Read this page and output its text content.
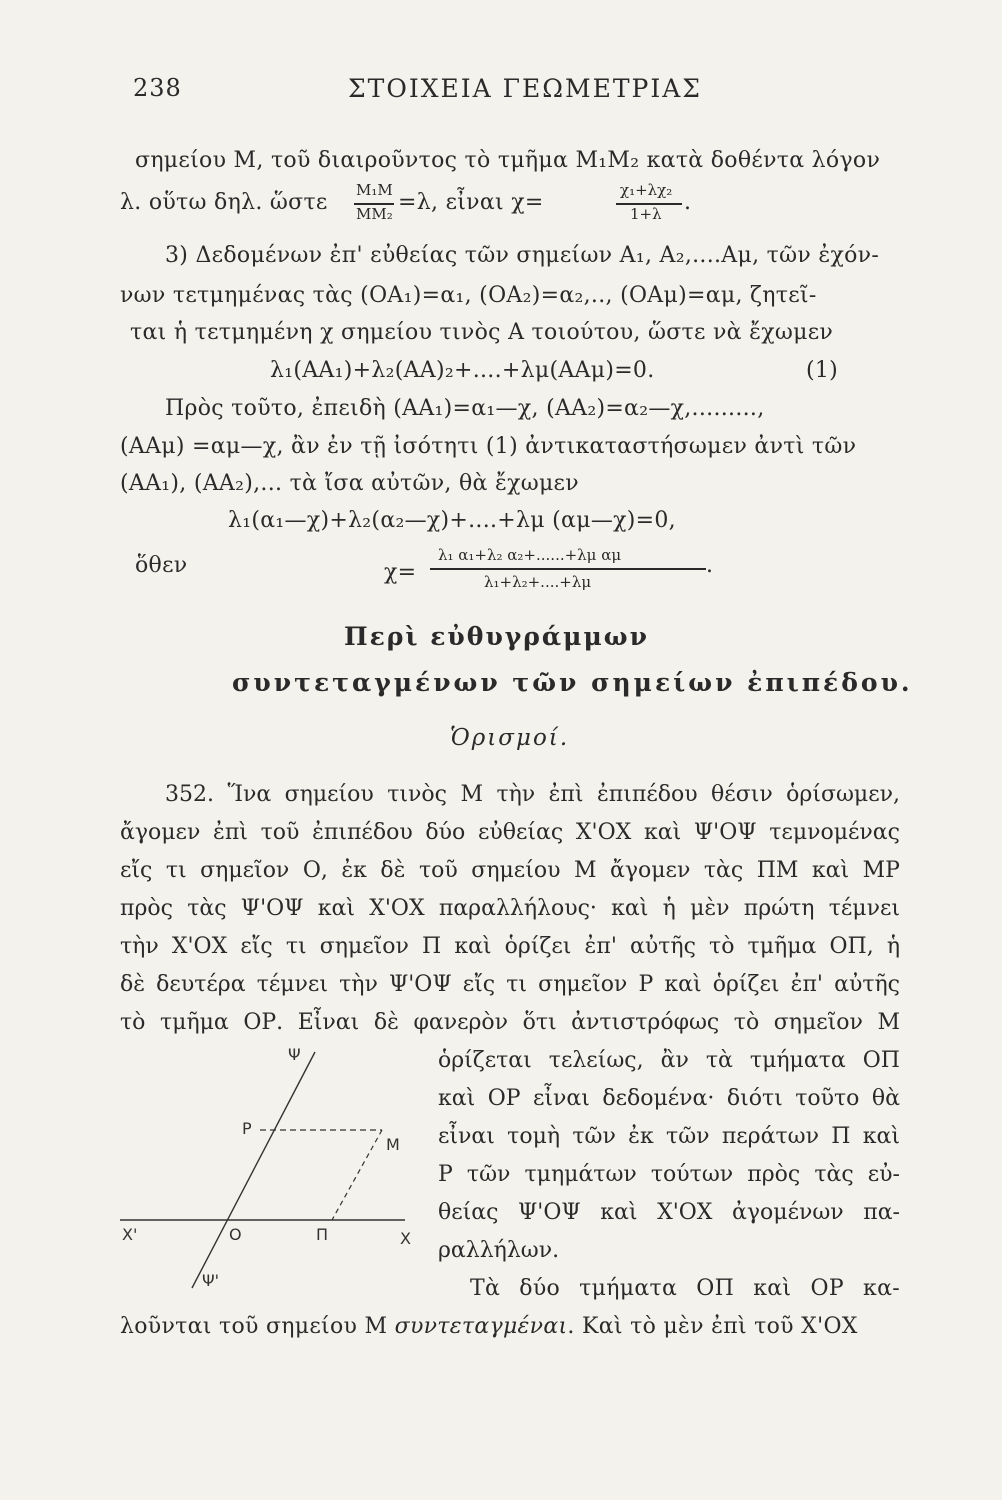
238	ΣΤΟΙΧΕΙΑ ΓΕΩΜΕΤΡΙΑΣ
σημείου Μ, τοῦ διαιροῦντος τὸ τμῆμα Μ₁Μ₂ κατὰ δοθέντα λόγον
λ. οὕτω δηλ. ὥστε Μ₁Μ
ΜΜ₂ =λ, εἶναι χ=	χ₁+λχ₂
1+λ .
3) Δεδομένων ἐπ' εὐθείας τῶν σημείων Α₁, Α₂,....Αμ, τῶν ἐχόν-
νων τετμημένας τὰς (ΟΑ₁)=α₁, (ΟΑ₂)=α₂,.., (ΟΑμ)=αμ, ζητεῖ-
ται ἡ τετμημένη χ σημείου τινὸς Α τοιούτου, ὥστε νὰ ἔχωμεν
λ₁(ΑΑ₁)+λ₂(ΑΑ)₂+....+λμ(ΑΑμ)=0.	(1)
Πρὸς τοῦτο, ἐπειδὴ (ΑΑ₁)=α₁—χ, (ΑΑ₂)=α₂—χ,.........,
(ΑΑμ) =αμ—χ, ἂν ἐν τῇ ἰσότητι (1) ἀντικαταστήσωμεν ἀντὶ τῶν
(ΑΑ₁), (ΑΑ₂),... τὰ ἴσα αὐτῶν, θὰ ἔχωμεν
λ₁(α₁—χ)+λ₂(α₂—χ)+....+λμ (αμ—χ)=0,
ὅθεν	χ=
λ₁ α₁+λ₂ α₂+......+λμ αμ
λ₁+λ₂+....+λμ
.
Περὶ εὐθυγράμμων
συντεταγμένων τῶν σημείων ἐπιπέδου.
Ὁρισμοί.
352. Ἵνα σημείου τινὸς Μ τὴν ἐπὶ ἐπιπέδου θέσιν ὁρίσωμεν,
ἄγομεν ἐπὶ τοῦ ἐπιπέδου δύο εὐθείας Χ'ΟΧ καὶ Ψ'ΟΨ τεμνομένας
εἴς τι σημεῖον Ο, ἐκ δὲ τοῦ σημείου Μ ἄγομεν τὰς ΠΜ καὶ ΜΡ
πρὸς τὰς Ψ'ΟΨ καὶ Χ'ΟΧ παραλλήλους· καὶ ἡ μὲν πρώτη τέμνει
τὴν Χ'ΟΧ εἴς τι σημεῖον Π καὶ ὁρίζει ἐπ' αὐτῆς τὸ τμῆμα ΟΠ, ἡ
δὲ δευτέρα τέμνει τὴν Ψ'ΟΨ εἴς τι σημεῖον Ρ καὶ ὁρίζει ἐπ' αὐτῆς
τὸ τμῆμα ΟΡ. Εἶναι δὲ φανερὸν ὅτι ἀντιστρόφως τὸ σημεῖον Μ
ὁρίζεται τελείως, ἂν τὰ τμήματα ΟΠ
καὶ ΟΡ εἶναι δεδομένα· διότι τοῦτο θὰ
εἶναι τομὴ τῶν ἐκ τῶν περάτων Π καὶ
Ρ τῶν τμημάτων τούτων πρὸς τὰς εὐ-
θείας Ψ'ΟΨ καὶ Χ'ΟΧ ἀγομένων πα-
ραλλήλων.
Τὰ δύο τμήματα ΟΠ καὶ ΟΡ κα-
λοῦνται τοῦ σημείου Μ συντεταγμέναι. Καὶ τὸ μὲν ἐπὶ τοῦ Χ'ΟΧ
Ψ
Ψ'
Ρ
Μ
Χ'	Ο	Π	Χ
